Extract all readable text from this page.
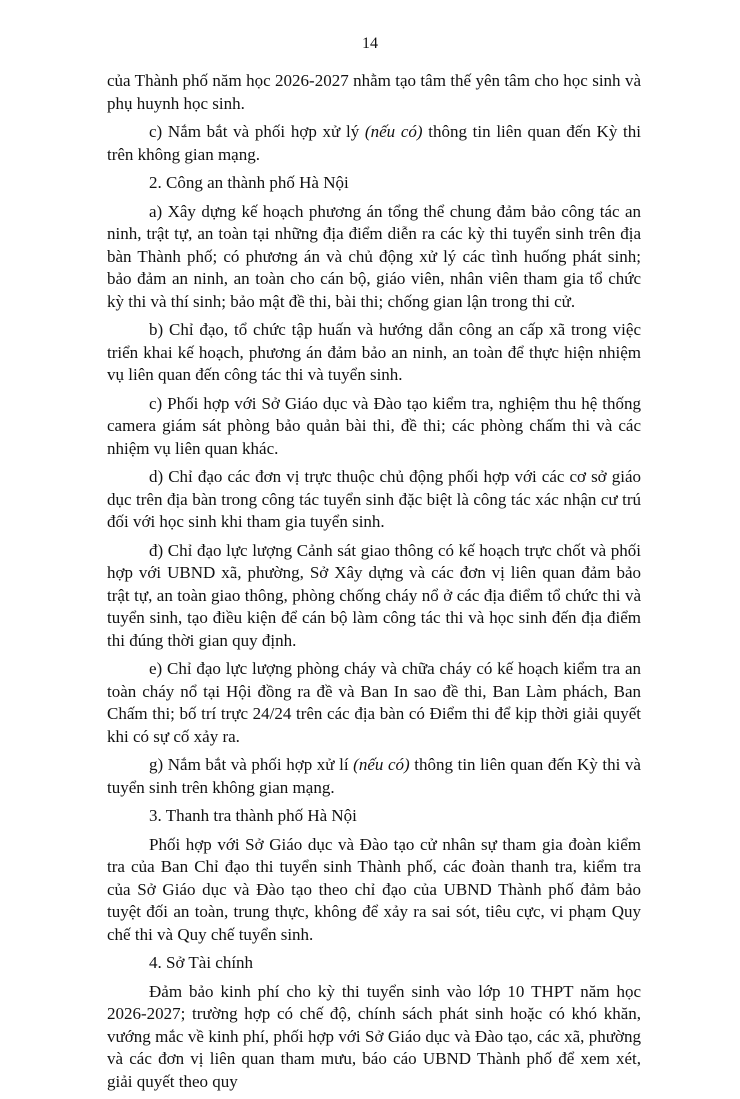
14

của Thành phố năm học 2026-2027 nhằm tạo tâm thế yên tâm cho học sinh và phụ huynh học sinh.

c) Nắm bắt và phối hợp xử lý (nếu có) thông tin liên quan đến Kỳ thi trên không gian mạng.

2. Công an thành phố Hà Nội

a) Xây dựng kế hoạch phương án tổng thể chung đảm bảo công tác an ninh, trật tự, an toàn tại những địa điểm diễn ra các kỳ thi tuyển sinh trên địa bàn Thành phố; có phương án và chủ động xử lý các tình huống phát sinh; bảo đảm an ninh, an toàn cho cán bộ, giáo viên, nhân viên tham gia tổ chức kỳ thi và thí sinh; bảo mật đề thi, bài thi; chống gian lận trong thi cử.

b) Chỉ đạo, tổ chức tập huấn và hướng dẫn công an cấp xã trong việc triển khai kế hoạch, phương án đảm bảo an ninh, an toàn để thực hiện nhiệm vụ liên quan đến công tác thi và tuyển sinh.

c) Phối hợp với Sở Giáo dục và Đào tạo kiểm tra, nghiệm thu hệ thống camera giám sát phòng bảo quản bài thi, đề thi; các phòng chấm thi và các nhiệm vụ liên quan khác.

d) Chỉ đạo các đơn vị trực thuộc chủ động phối hợp với các cơ sở giáo dục trên địa bàn trong công tác tuyển sinh đặc biệt là công tác xác nhận cư trú đối với học sinh khi tham gia tuyển sinh.

đ) Chỉ đạo lực lượng Cảnh sát giao thông có kế hoạch trực chốt và phối hợp với UBND xã, phường, Sở Xây dựng và các đơn vị liên quan đảm bảo trật tự, an toàn giao thông, phòng chống cháy nổ ở các địa điểm tổ chức thi và tuyển sinh, tạo điều kiện để cán bộ làm công tác thi và học sinh đến địa điểm thi đúng thời gian quy định.

e) Chỉ đạo lực lượng phòng cháy và chữa cháy có kế hoạch kiểm tra an toàn cháy nổ tại Hội đồng ra đề và Ban In sao đề thi, Ban Làm phách, Ban Chấm thi; bố trí trực 24/24 trên các địa bàn có Điểm thi để kịp thời giải quyết khi có sự cố xảy ra.

g) Nắm bắt và phối hợp xử lí (nếu có) thông tin liên quan đến Kỳ thi và tuyển sinh trên không gian mạng.

3. Thanh tra thành phố Hà Nội

Phối hợp với Sở Giáo dục và Đào tạo cử nhân sự tham gia đoàn kiểm tra của Ban Chỉ đạo thi tuyển sinh Thành phố, các đoàn thanh tra, kiểm tra của Sở Giáo dục và Đào tạo theo chỉ đạo của UBND Thành phố đảm bảo tuyệt đối an toàn, trung thực, không để xảy ra sai sót, tiêu cực, vi phạm Quy chế thi và Quy chế tuyển sinh.

4. Sở Tài chính

Đảm bảo kinh phí cho kỳ thi tuyển sinh vào lớp 10 THPT năm học 2026-2027; trường hợp có chế độ, chính sách phát sinh hoặc có khó khăn, vướng mắc về kinh phí, phối hợp với Sở Giáo dục và Đào tạo, các xã, phường và các đơn vị liên quan tham mưu, báo cáo UBND Thành phố để xem xét, giải quyết theo quy
